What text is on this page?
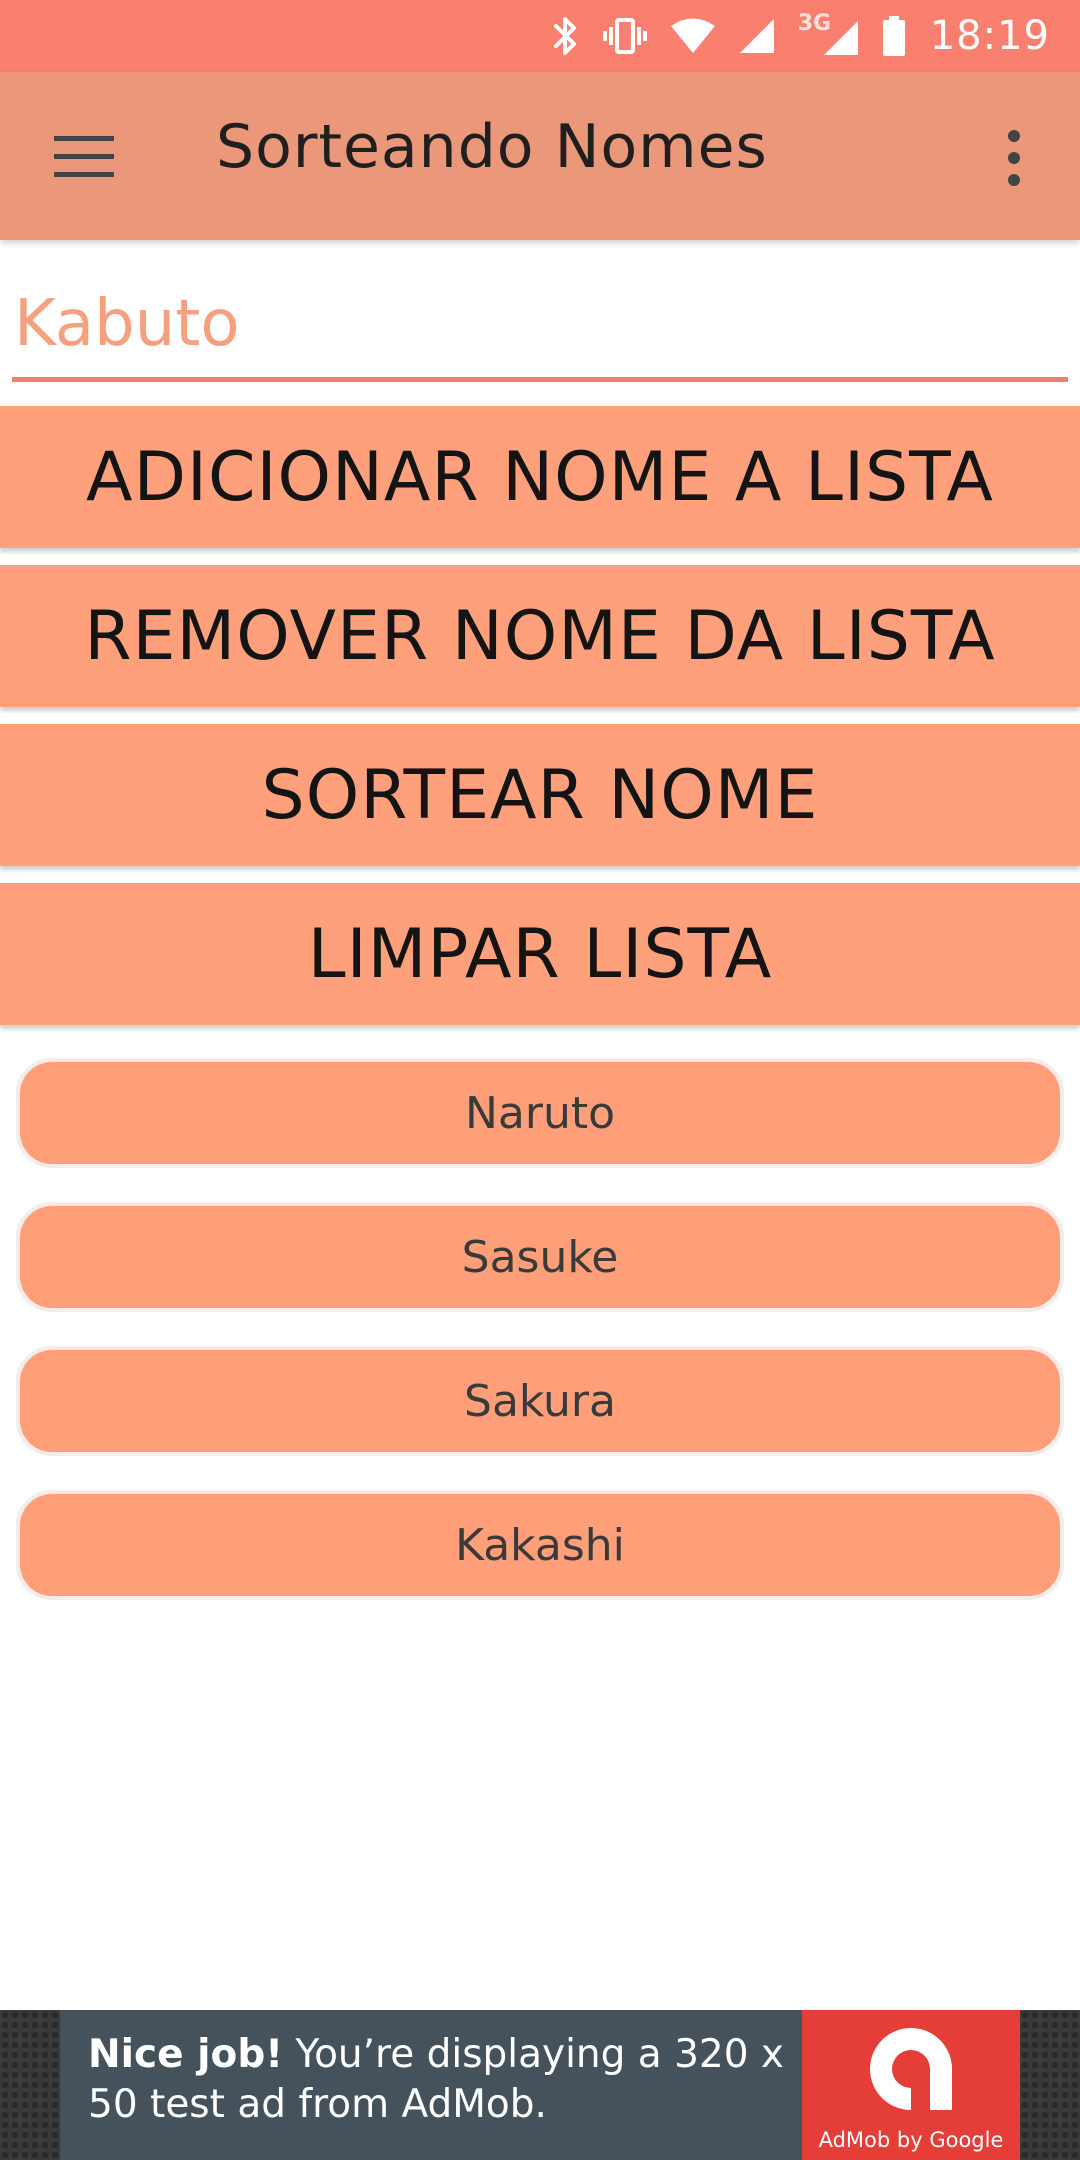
3G 18:19
Sorteando Nomes
Kabuto
ADICIONAR NOME A LISTA
REMOVER NOME DA LISTA
SORTEAR NOME
LIMPAR LISTA
Naruto
Sasuke
Sakura
Kakashi
Nice job! You’re displaying a 320 x 50 test ad from AdMob.
AdMob by Google
